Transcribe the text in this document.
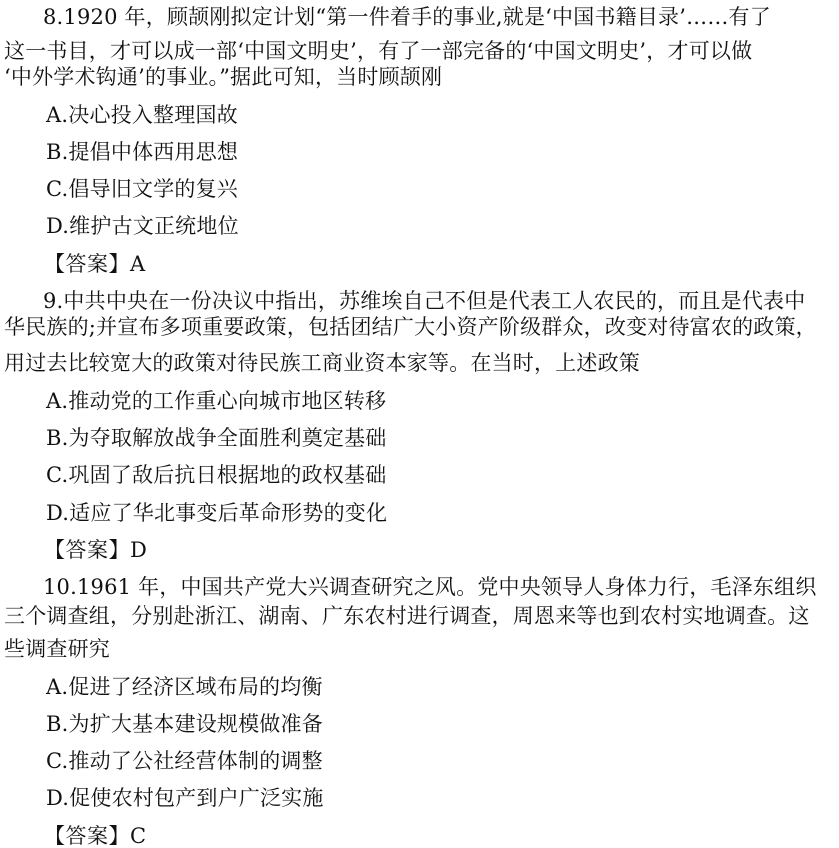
8.1920 年，顾颉刚拟定计划“第一件着手的事业,就是‘中国书籍目录’……有了
这一书目，才可以成一部‘中国文明史’，有了一部完备的‘中国文明史’，才可以做
‘中外学术钩通’的事业。”据此可知，当时顾颉刚
A.决心投入整理国故
B.提倡中体西用思想
C.倡导旧文学的复兴
D.维护古文正统地位
【答案】A
9.中共中央在一份决议中指出，苏维埃自己不但是代表工人农民的，而且是代表中
华民族的;并宣布多项重要政策，包括团结广大小资产阶级群众，改变对待富农的政策，
用过去比较宽大的政策对待民族工商业资本家等。在当时，上述政策
A.推动党的工作重心向城市地区转移
B.为夺取解放战争全面胜利奠定基础
C.巩固了敌后抗日根据地的政权基础
D.适应了华北事变后革命形势的变化
【答案】D
10.1961 年，中国共产党大兴调查研究之风。党中央领导人身体力行，毛泽东组织
三个调查组，分别赴浙江、湖南、广东农村进行调查，周恩来等也到农村实地调查。这
些调查研究
A.促进了经济区域布局的均衡
B.为扩大基本建设规模做准备
C.推动了公社经营体制的调整
D.促使农村包产到户广泛实施
【答案】C
